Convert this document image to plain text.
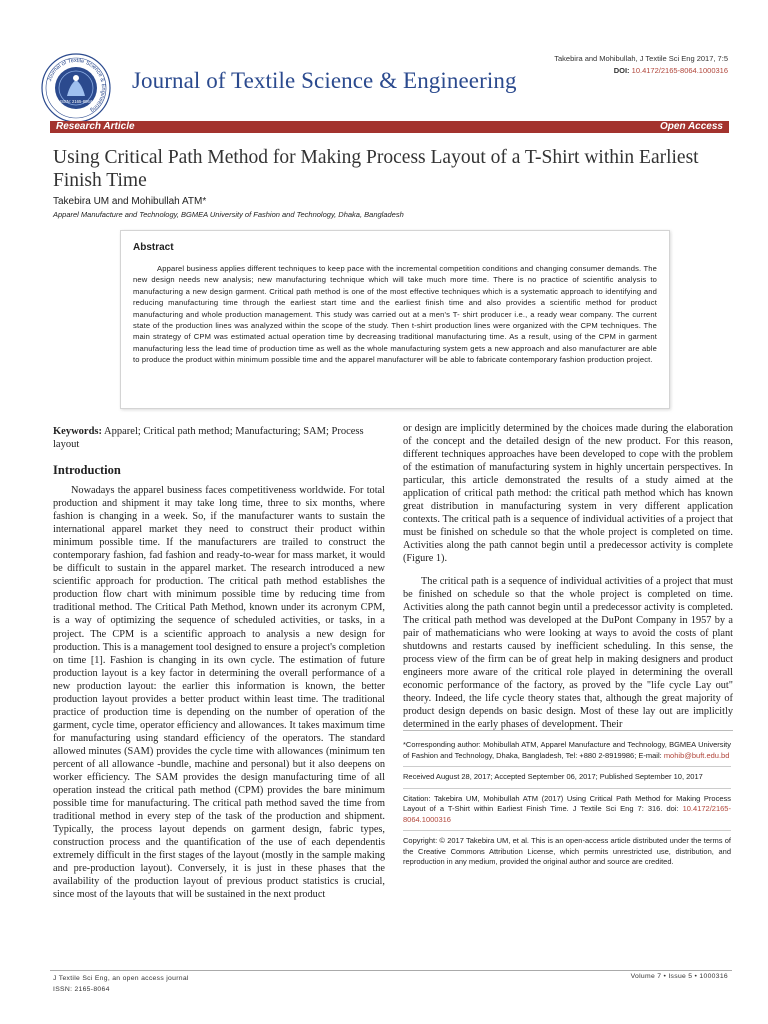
Takebira and Mohibullah, J Textile Sci Eng 2017, 7:5
DOI: 10.4172/2165-8064.1000316
Journal of Textile Science & Engineering
ISSN: 2165-8064
Journal of Textile Science & Engineering
Research Article	Open Access
Using Critical Path Method for Making Process Layout of a T-Shirt within Earliest Finish Time
Takebira UM and Mohibullah ATM*
Apparel Manufacture and Technology, BGMEA University of Fashion and Technology, Dhaka, Bangladesh
Abstract

Apparel business applies different techniques to keep pace with the incremental competition conditions and changing consumer demands. The new design needs new analysis; new manufacturing technique which will take much more time. There is no practice of scientific analysis to manufacturing a new design garment. Critical path method is one of the most effective techniques which is a systematic approach to identifying and reducing manufacturing time through the earliest start time and the earliest finish time and also provides a scientific method for product manufacturing and whole production management. This study was carried out at a men's T- shirt producer i.e., a ready wear company. The current state of the production lines was analyzed within the scope of the study. Then t-shirt production lines were organized with the CPM techniques. The main strategy of CPM was estimated actual operation time by decreasing traditional manufacturing time. As a result, using of the CPM in garment manufacturing less the lead time of production time as well as the whole manufacturing system gets a new approach and also manufacturer are able to produce the product within minimum possible time and the apparel manufacturer will be able to fabricate contemporary fashion production project.

Keywords: Apparel; Critical path method; Manufacturing; SAM; Process layout

Introduction

Nowadays the apparel business faces competitiveness worldwide. For total production and shipment it may take long time, three to six months, where fashion is changing in a week. So, if the manufacturer wants to sustain the international apparel market they need to construct their product within minimum possible time. If the manufacturers are trailed to construct the contemporary fashion, fad fashion and ready-to-wear for mass market, it would be difficult to sustain in the apparel market. The research introduced a new scientific approach for production. The critical path method establishes the production flow chart with minimum possible time by reducing time from traditional method. The Critical Path Method, known under its acronym CPM, is a way of optimizing the sequence of scheduled activities, or tasks, in a project. The CPM is a scientific approach to analysis a new design for production. This is a management tool designed to ensure a project's completion on time [1]. Fashion is changing in its own cycle. The estimation of future production layout is a key factor in determining the overall performance of a new production layout: the earlier this information is known, the better production layout provides a better product within least time. The traditional practice of production time is depending on the number of operation of the garment, cycle time, operator efficiency and allowances. It takes maximum time for manufacturing using standard efficiency of the operators. The standard allowed minutes (SAM) provides the cycle time with allowances (minimum ten percent of all allowance -bundle, machine and personal) but it also deepens on worker efficiency. The SAM provides the design manufacturing time of all operation instead the critical path method (CPM) provides the bare minimum possible time for manufacturing. The critical path method saved the time from traditional method in every step of the task of the production and shipment. Typically, the process layout depends on garment design, fabric types, construction process and the quantification of the use of each dependentis extremely difficult in the first stages of the layout (mostly in the sample making and pre-production layout). Conversely, it is just in these phases that the availability of the production layout of previous product statistics is crucial, since most of the layouts that will be sustained in the next product

or design are implicitly determined by the choices made during the elaboration of the concept and the detailed design of the new product. For this reason, different techniques approaches have been developed to cope with the problem of the estimation of manufacturing system in highly uncertain perspectives. In particular, this article demonstrated the results of a study aimed at the application of critical path method: the critical path method which has known great distribution in manufacturing system in very different application contexts. The critical path is a sequence of individual activities of a project that must be finished on schedule so that the whole project is completed on time. Activities along the path cannot begin until a predecessor activity is complete (Figure 1).

The critical path is a sequence of individual activities of a project that must be finished on schedule so that the whole project is completed on time. Activities along the path cannot begin until a predecessor activity is completed. The critical path method was developed at the DuPont Company in 1957 by a pair of mathematicians who were looking at ways to avoid the costs of plant shutdowns and restarts caused by inefficient scheduling. In this sense, the process view of the firm can be of great help in making designers and product engineers more aware of the critical role played in determining the overall economic performance of the factory, as proved by the "life cycle Lay out" theory. Indeed, the life cycle theory states that, although the great majority of product design depends on basic design. Most of these lay out are implicitly determined in the early phases of development. Their

*Corresponding author: Mohibullah ATM, Apparel Manufacture and Technology, BGMEA University of Fashion and Technology, Dhaka, Bangladesh, Tel: +880 2-8919986; E-mail: mohib@buft.edu.bd

Received August 28, 2017; Accepted September 06, 2017; Published September 10, 2017

Citation: Takebira UM, Mohibullah ATM (2017) Using Critical Path Method for Making Process Layout of a T-Shirt within Earliest Finish Time. J Textile Sci Eng 7: 316. doi: 10.4172/2165-8064.1000316

Copyright: © 2017 Takebira UM, et al. This is an open-access article distributed under the terms of the Creative Commons Attribution License, which permits unrestricted use, distribution, and reproduction in any medium, provided the original author and source are credited.

J Textile Sci Eng, an open access journal
ISSN: 2165-8064
Volume 7 • Issue 5 • 1000316
